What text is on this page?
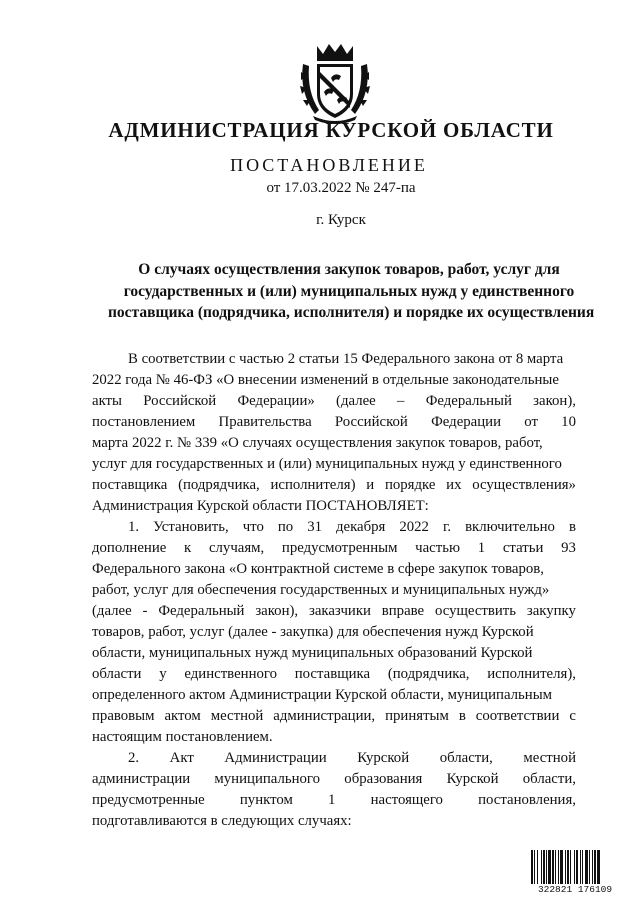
АДМИНИСТРАЦИЯ КУРСКОЙ ОБЛАСТИ
ПОСТАНОВЛЕНИЕ
от 17.03.2022 № 247-па
г. Курск
О случаях осуществления закупок товаров, работ, услуг для
государственных и (или) муниципальных нужд у единственного
поставщика (подрядчика, исполнителя) и порядке их осуществления
В соответствии с частью 2 статьи 15 Федерального закона от 8 марта
2022 года № 46-ФЗ «О внесении изменений в отдельные законодательные
акты Российской Федерации» (далее – Федеральный закон),
постановлением Правительства Российской Федерации от 10
марта 2022 г. № 339 «О случаях осуществления закупок товаров, работ,
услуг для государственных и (или) муниципальных нужд у единственного
поставщика (подрядчика, исполнителя) и порядке их осуществления»
Администрация Курской области ПОСТАНОВЛЯЕТ:
1. Установить, что по 31 декабря 2022 г. включительно в
дополнение к случаям, предусмотренным частью 1 статьи 93
Федерального закона «О контрактной системе в сфере закупок товаров,
работ, услуг для обеспечения государственных и муниципальных нужд»
(далее - Федеральный закон), заказчики вправе осуществить закупку
товаров, работ, услуг (далее - закупка) для обеспечения нужд Курской
области, муниципальных нужд муниципальных образований Курской
области у единственного поставщика (подрядчика, исполнителя),
определенного актом Администрации Курской области, муниципальным
правовым актом местной администрации, принятым в соответствии с
настоящим постановлением.
2. Акт Администрации Курской области, местной
администрации муниципального образования Курской области,
предусмотренные пунктом 1 настоящего постановления,
подготавливаются в следующих случаях:
322821 176109
